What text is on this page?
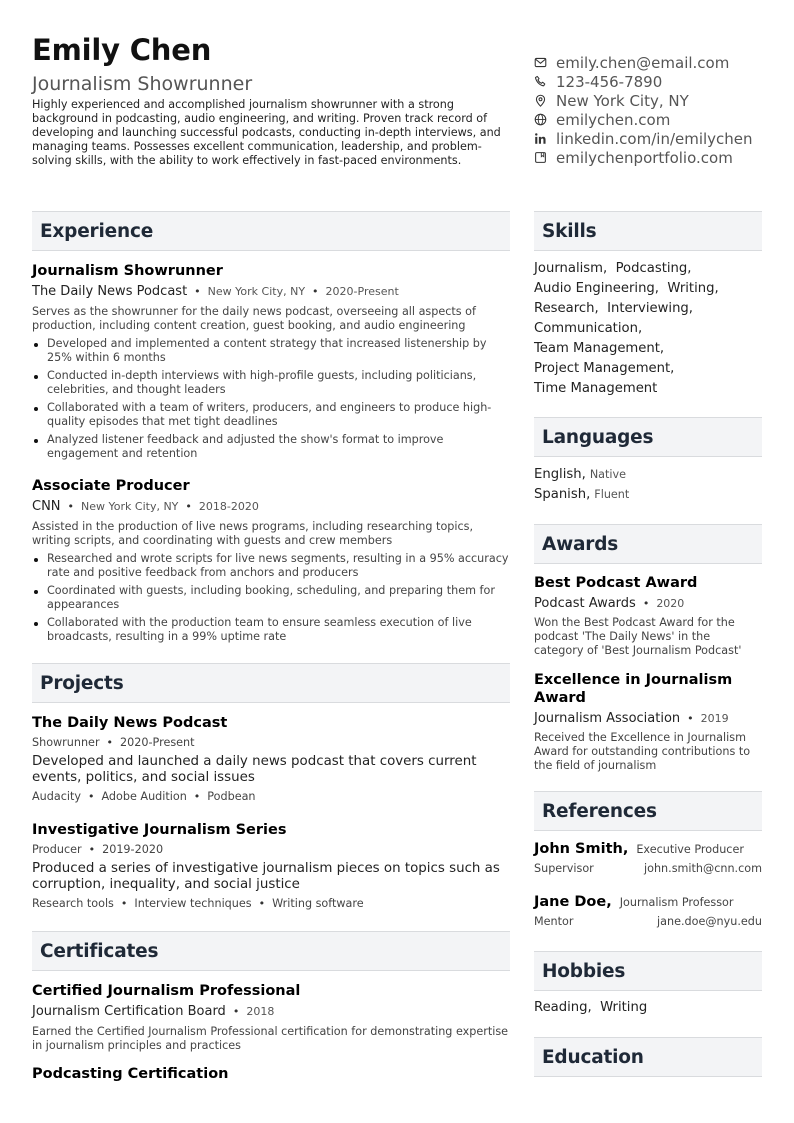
Emily Chen
Journalism Showrunner
Highly experienced and accomplished journalism showrunner with a strong background in podcasting, audio engineering, and writing. Proven track record of developing and launching successful podcasts, conducting in-depth interviews, and managing teams. Possesses excellent communication, leadership, and problem-solving skills, with the ability to work effectively in fast-paced environments.
emily.chen@email.com
123-456-7890
New York City, NY
emilychen.com
linkedin.com/in/emilychen
emilychenportfolio.com
Experience
Journalism Showrunner
The Daily News Podcast • New York City, NY • 2020-Present
Serves as the showrunner for the daily news podcast, overseeing all aspects of production, including content creation, guest booking, and audio engineering
Developed and implemented a content strategy that increased listenership by 25% within 6 months
Conducted in-depth interviews with high-profile guests, including politicians, celebrities, and thought leaders
Collaborated with a team of writers, producers, and engineers to produce high-quality episodes that met tight deadlines
Analyzed listener feedback and adjusted the show's format to improve engagement and retention
Associate Producer
CNN • New York City, NY • 2018-2020
Assisted in the production of live news programs, including researching topics, writing scripts, and coordinating with guests and crew members
Researched and wrote scripts for live news segments, resulting in a 95% accuracy rate and positive feedback from anchors and producers
Coordinated with guests, including booking, scheduling, and preparing them for appearances
Collaborated with the production team to ensure seamless execution of live broadcasts, resulting in a 99% uptime rate
Projects
The Daily News Podcast
Showrunner • 2020-Present
Developed and launched a daily news podcast that covers current events, politics, and social issues
Audacity • Adobe Audition • Podbean
Investigative Journalism Series
Producer • 2019-2020
Produced a series of investigative journalism pieces on topics such as corruption, inequality, and social justice
Research tools • Interview techniques • Writing software
Certificates
Certified Journalism Professional
Journalism Certification Board • 2018
Earned the Certified Journalism Professional certification for demonstrating expertise in journalism principles and practices
Podcasting Certification
Skills
Journalism, Podcasting,
Audio Engineering, Writing,
Research, Interviewing,
Communication,
Team Management,
Project Management,
Time Management
Languages
English, Native
Spanish, Fluent
Awards
Best Podcast Award
Podcast Awards • 2020
Won the Best Podcast Award for the podcast 'The Daily News' in the category of 'Best Journalism Podcast'
Excellence in Journalism Award
Journalism Association • 2019
Received the Excellence in Journalism Award for outstanding contributions to the field of journalism
References
John Smith, Executive Producer
Supervisor	john.smith@cnn.com
Jane Doe, Journalism Professor
Mentor	jane.doe@nyu.edu
Hobbies
Reading,  Writing
Education
